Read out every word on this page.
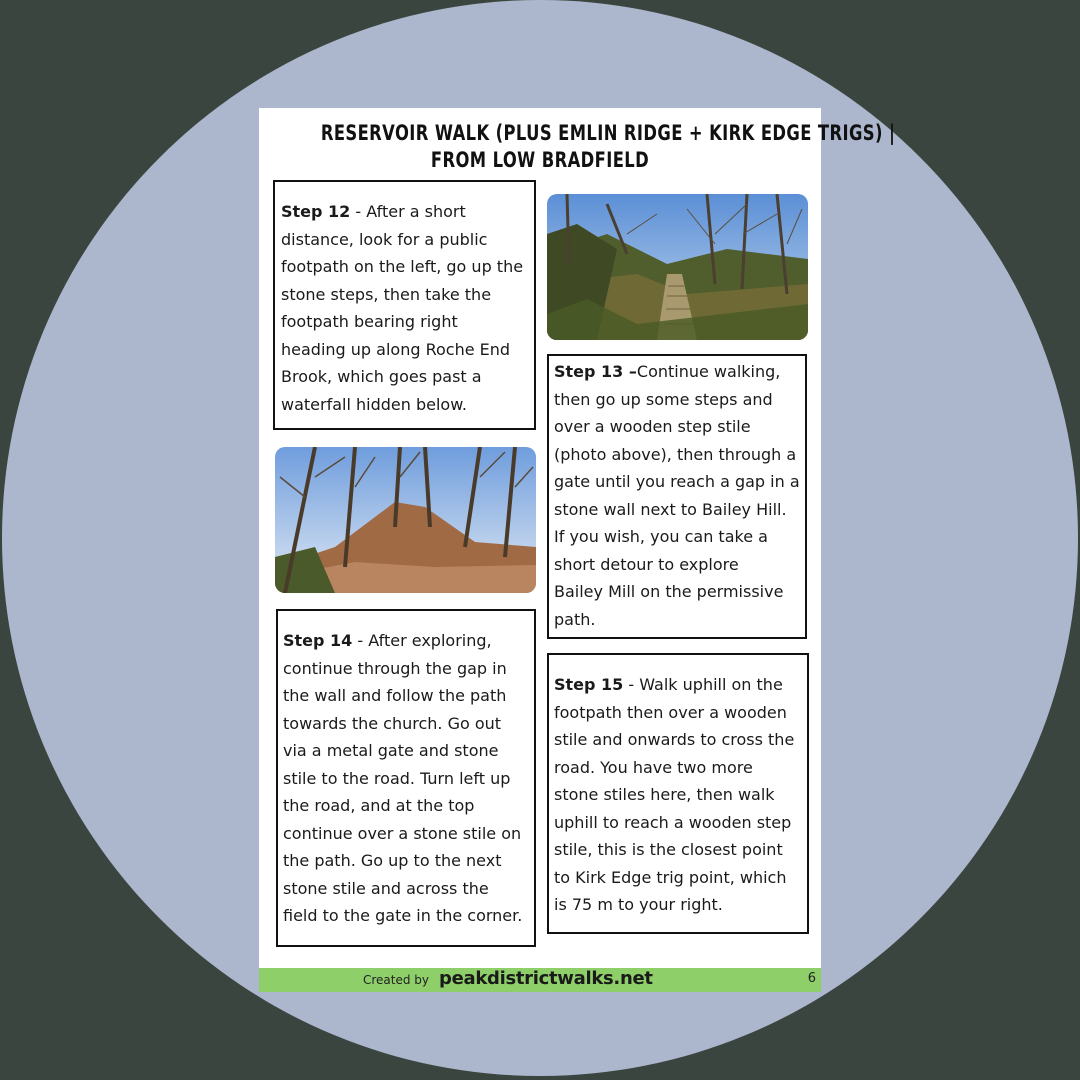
RESERVOIR WALK (PLUS EMLIN RIDGE + KIRK EDGE TRIGS) |
FROM LOW BRADFIELD
Step 12 - After a short
distance, look for a public
footpath on the left, go up the
stone steps, then take the
footpath bearing right
heading up along Roche End
Brook, which goes past a
waterfall hidden below.
Step 13 –Continue walking,
then go up some steps and
over a wooden step stile
(photo above), then through a
gate until you reach a gap in a
stone wall next to Bailey Hill.
If you wish, you can take a
short detour to explore
Bailey Mill on the permissive
path.
Step 14 - After exploring,
continue through the gap in
the wall and follow the path
towards the church. Go out
via a metal gate and stone
stile to the road. Turn left up
the road, and at the top
continue over a stone stile on
the path. Go up to the next
stone stile and across the
field to the gate in the corner.
Step 15 - Walk uphill on the
footpath then over a wooden
stile and onwards to cross the
road. You have two more
stone stiles here, then walk
uphill to reach a wooden step
stile, this is the closest point
to Kirk Edge trig point, which
is 75 m to your right.
Created by peakdistrictwalks.net	6
